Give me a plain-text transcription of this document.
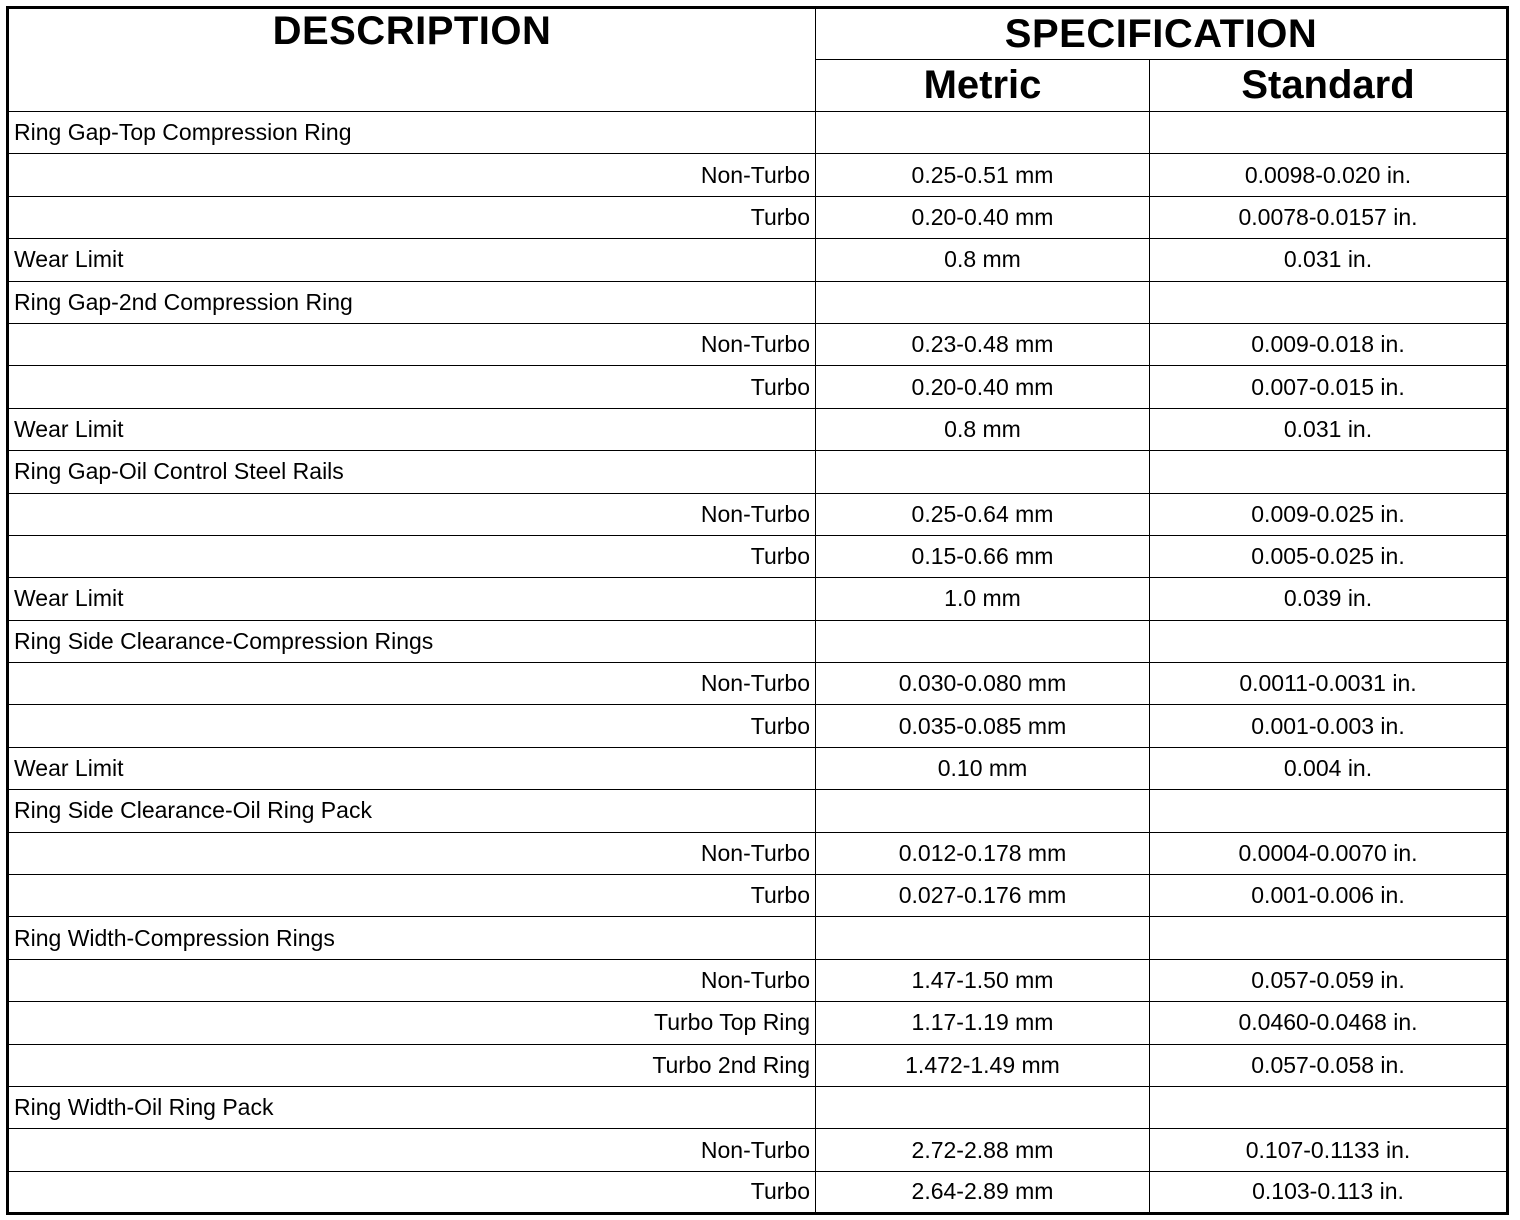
DESCRIPTION	SPECIFICATION	
	Metric	Standard
Ring Gap-Top Compression Ring		
Non-Turbo	0.25-0.51 mm	0.0098-0.020 in.
Turbo	0.20-0.40 mm	0.0078-0.0157 in.
Wear Limit	0.8 mm	0.031 in.
Ring Gap-2nd Compression Ring		
Non-Turbo	0.23-0.48 mm	0.009-0.018 in.
Turbo	0.20-0.40 mm	0.007-0.015 in.
Wear Limit	0.8 mm	0.031 in.
Ring Gap-Oil Control Steel Rails		
Non-Turbo	0.25-0.64 mm	0.009-0.025 in.
Turbo	0.15-0.66 mm	0.005-0.025 in.
Wear Limit	1.0 mm	0.039 in.
Ring Side Clearance-Compression Rings		
Non-Turbo	0.030-0.080 mm	0.0011-0.0031 in.
Turbo	0.035-0.085 mm	0.001-0.003 in.
Wear Limit	0.10 mm	0.004 in.
Ring Side Clearance-Oil Ring Pack		
Non-Turbo	0.012-0.178 mm	0.0004-0.0070 in.
Turbo	0.027-0.176 mm	0.001-0.006 in.
Ring Width-Compression Rings		
Non-Turbo	1.47-1.50 mm	0.057-0.059 in.
Turbo Top Ring	1.17-1.19 mm	0.0460-0.0468 in.
Turbo 2nd Ring	1.472-1.49 mm	0.057-0.058 in.
Ring Width-Oil Ring Pack		
Non-Turbo	2.72-2.88 mm	0.107-0.1133 in.
Turbo	2.64-2.89 mm	0.103-0.113 in.
